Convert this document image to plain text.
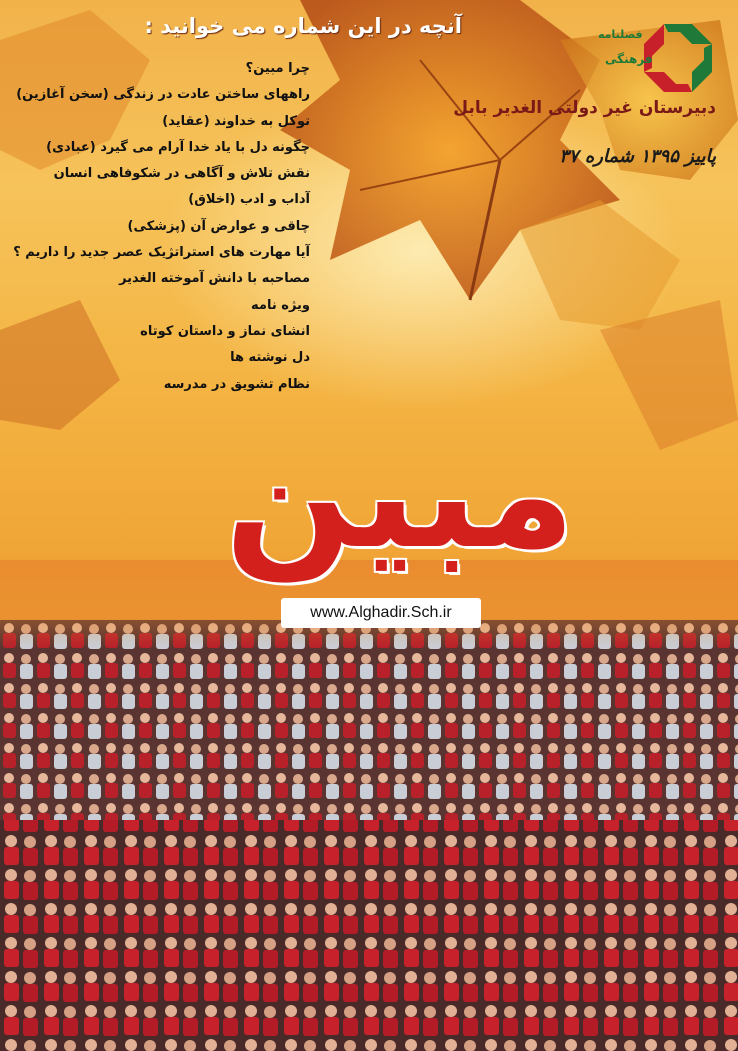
آنچه در این شماره می خوانید :
چرا مبین؟
راههای ساختن عادت در زندگی (سخن آغازین)
توکل به خداوند (عقاید)
چگونه دل با یاد خدا آرام می گیرد (عبادی)
نقش تلاش و آگاهی در شکوفاهی انسان
آداب و ادب (اخلاق)
چاقی و عوارض آن (پزشکی)
آیا مهارت های استراتژیک عصر جدید را داریم ؟
مصاحبه با دانش آموخته الغدیر
ویژه نامه
انشای نماز و داستان کوتاه
دل نوشته ها
نظام تشویق در مدرسه
فصلنامه
فرهنگی
دبیرستان غیر دولتی الغدیر بابل
پاییز ۱۳۹۵ شماره ۳۷
مبین
www.Alghadir.Sch.ir
